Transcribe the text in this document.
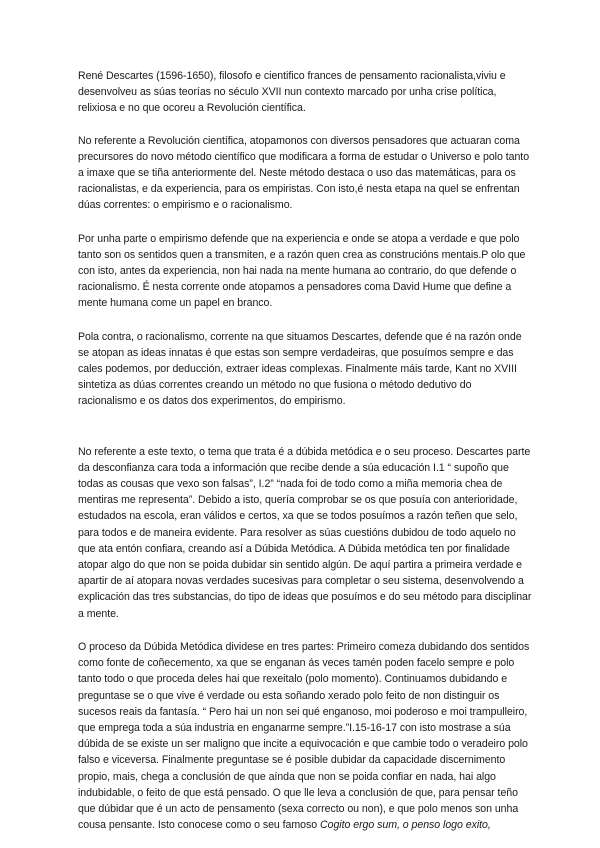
René Descartes (1596-1650), filosofo e cientifico frances de pensamento racionalista,viviu e desenvolveu as súas teorías no século XVII nun contexto marcado por unha crise política, relixiosa e no que ocoreu a Revolución científica.

No referente a Revolución científica, atopamonos con diversos pensadores que actuaran coma precursores do novo método científico que modificara a forma de estudar o Universo e polo tanto a imaxe que se tiña anteriormente del. Neste método destaca o uso das matemáticas, para os racionalistas, e da experiencia, para os empiristas. Con isto,é nesta etapa na quel se enfrentan dúas correntes: o empirismo e o racionalismo.

Por unha parte o empirismo defende que na experiencia e onde se atopa a verdade e que polo tanto son os sentidos quen a transmiten, e a razón quen crea as construcións mentais.P olo que con isto, antes da experiencia, non hai nada na mente humana ao contrario, do que defende o racionalismo. É nesta corrente onde atopamos a pensadores coma David Hume que define a mente humana come un papel en branco.

Pola contra, o racionalismo, corrente na que situamos Descartes, defende que é na razón onde se atopan as ideas innatas é que estas son sempre verdadeiras, que posuímos sempre e das cales podemos, por deducción, extraer ideas complexas. Finalmente máis tarde, Kant no XVIII sintetiza as dúas correntes creando un método no que fusiona o método dedutivo do racionalismo e os datos dos experimentos, do empirismo.

No referente a este texto, o tema que trata é a dúbida metódica e o seu proceso. Descartes parte da desconfianza cara toda a información que recibe dende a súa educación I.1 “ supoño que todas as cousas que vexo son falsas”, I.2” “nada foi de todo como a miña memoria chea de mentiras me representa”. Debido a isto, quería comprobar se os que posuía con anterioridade, estudados na escola, eran válidos e certos, xa que se todos posuímos a razón teñen que selo, para todos e de maneira evidente. Para resolver as súas cuestións dubidou de todo aquelo no que ata entón confiara, creando así a Dúbida Metódica. A Dúbida metódica ten por finalidade atopar algo do que non se poida dubidar sin sentido algún. De aquí partira a primeira verdade e apartir de aí atopara novas verdades sucesivas para completar o seu sistema, desenvolvendo a explicación das tres substancias, do tipo de ideas que posuímos e do seu método para disciplinar a mente.

O proceso da Dúbida Metódica dividese en tres partes: Primeiro comeza dubidando dos sentidos como fonte de coñecemento, xa que se enganan ás veces tamén poden facelo sempre e polo tanto todo o que proceda deles hai que rexeitalo (polo momento). Continuamos dubidando e preguntase se o que vive é verdade ou esta soñando xerado polo feito de non distinguir os sucesos reais da fantasía. “ Pero hai un non sei qué enganoso, moi poderoso e moi trampulleiro, que emprega toda a súa industria en enganarme sempre.”I.15-16-17 con isto mostrase a súa dúbida de se existe un ser maligno que incite a equivocación e que cambie todo o veradeiro polo falso e viceversa. Finalmente preguntase se é posible dubidar da capacidade discernimento propio, mais, chega a conclusión de que aínda que non se poida confiar en nada, hai algo indubidable, o feito de que está pensado. O que lle leva a conclusión de que, para pensar teño que dúbidar que é un acto de pensamento (sexa correcto ou non), e que polo menos son unha cousa pensante. Isto conocese como o seu famoso Cogito ergo sum, o penso logo exito,
